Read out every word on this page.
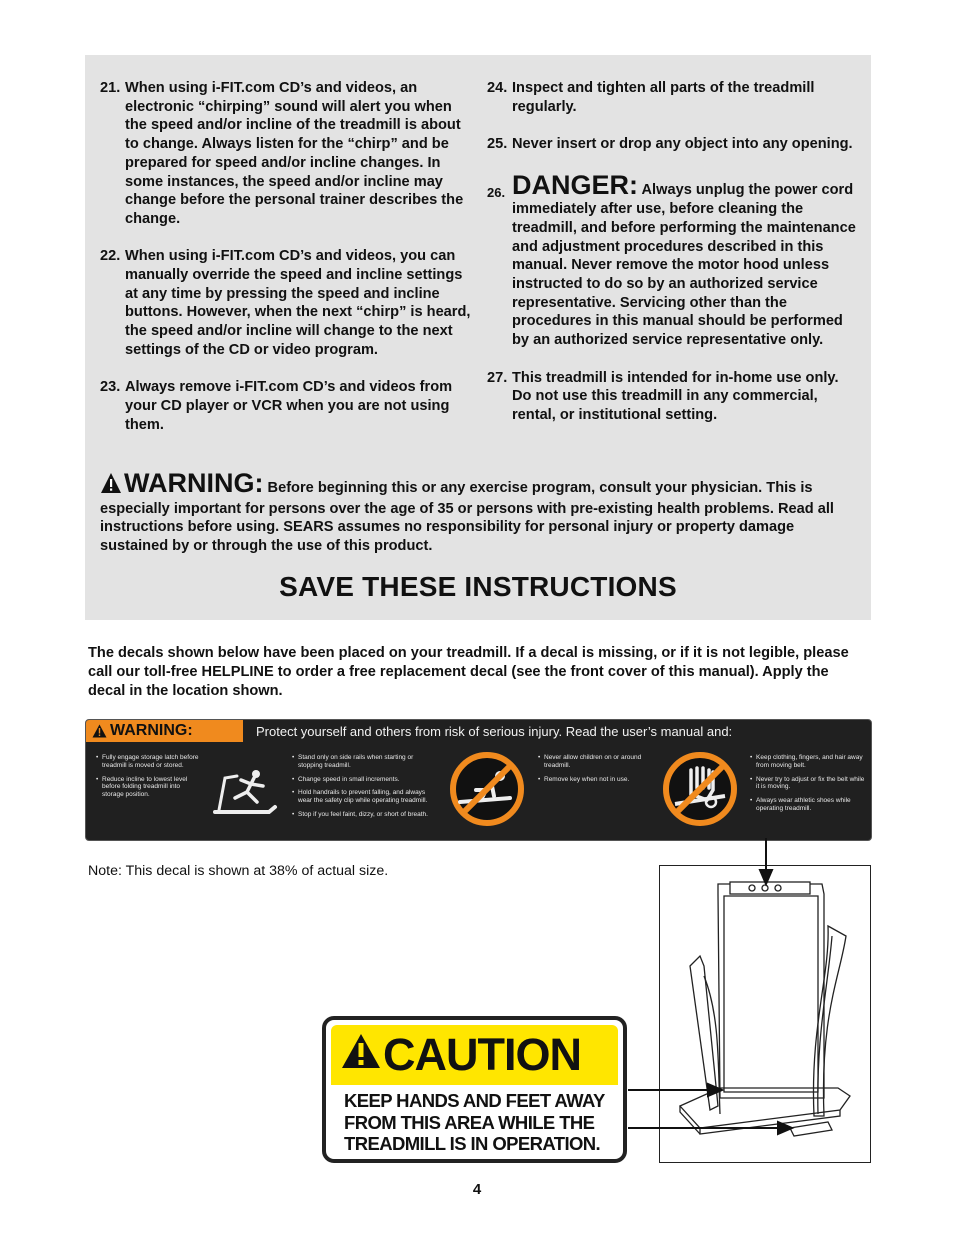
21. When using i-FIT.com CD’s and videos, an electronic “chirping” sound will alert you when the speed and/or incline of the treadmill is about to change. Always listen for the “chirp” and be prepared for speed and/or incline changes. In some instances, the speed and/or incline may change before the personal trainer describes the change.
22. When using i-FIT.com CD’s and videos, you can manually override the speed and incline settings at any time by pressing the speed and incline buttons. However, when the next “chirp” is heard, the speed and/or incline will change to the next settings of the CD or video program.
23. Always remove i-FIT.com CD’s and videos from your CD player or VCR when you are not using them.
24. Inspect and tighten all parts of the treadmill regularly.
25. Never insert or drop any object into any opening.
26. DANGER: Always unplug the power cord immediately after use, before cleaning the treadmill, and before performing the maintenance and adjustment procedures described in this manual. Never remove the motor hood unless instructed to do so by an authorized service representative. Servicing other than the procedures in this manual should be performed by an authorized service representative only.
27. This treadmill is intended for in-home use only. Do not use this treadmill in any commercial, rental, or institutional setting.
WARNING: Before beginning this or any exercise program, consult your physician. This is especially important for persons over the age of 35 or persons with pre-existing health problems. Read all instructions before using. SEARS assumes no responsibility for personal injury or property damage sustained by or through the use of this product.
SAVE THESE INSTRUCTIONS
The decals shown below have been placed on your treadmill. If a decal is missing, or if it is not legible, please call our toll-free HELPLINE to order a free replacement decal (see the front cover of this manual). Apply the decal in the location shown.
WARNING:	Protect yourself and others from risk of serious injury. Read the user’s manual and:
• Fully engage storage latch before treadmill is moved or stored.
• Reduce incline to lowest level before folding treadmill into storage position.
• Stand only on side rails when starting or stopping treadmill.
• Change speed in small increments.
• Hold handrails to prevent falling, and always wear the safety clip while operating treadmill.
• Stop if you feel faint, dizzy, or short of breath.
• Never allow children on or around treadmill.
• Remove key when not in use.
• Keep clothing, fingers, and hair away from moving belt.
• Never try to adjust or fix the belt while it is moving.
• Always wear athletic shoes while operating treadmill.
Note: This decal is shown at 38% of actual size.
CAUTION
KEEP HANDS AND FEET AWAY
FROM THIS AREA WHILE THE
TREADMILL IS IN OPERATION.
4
